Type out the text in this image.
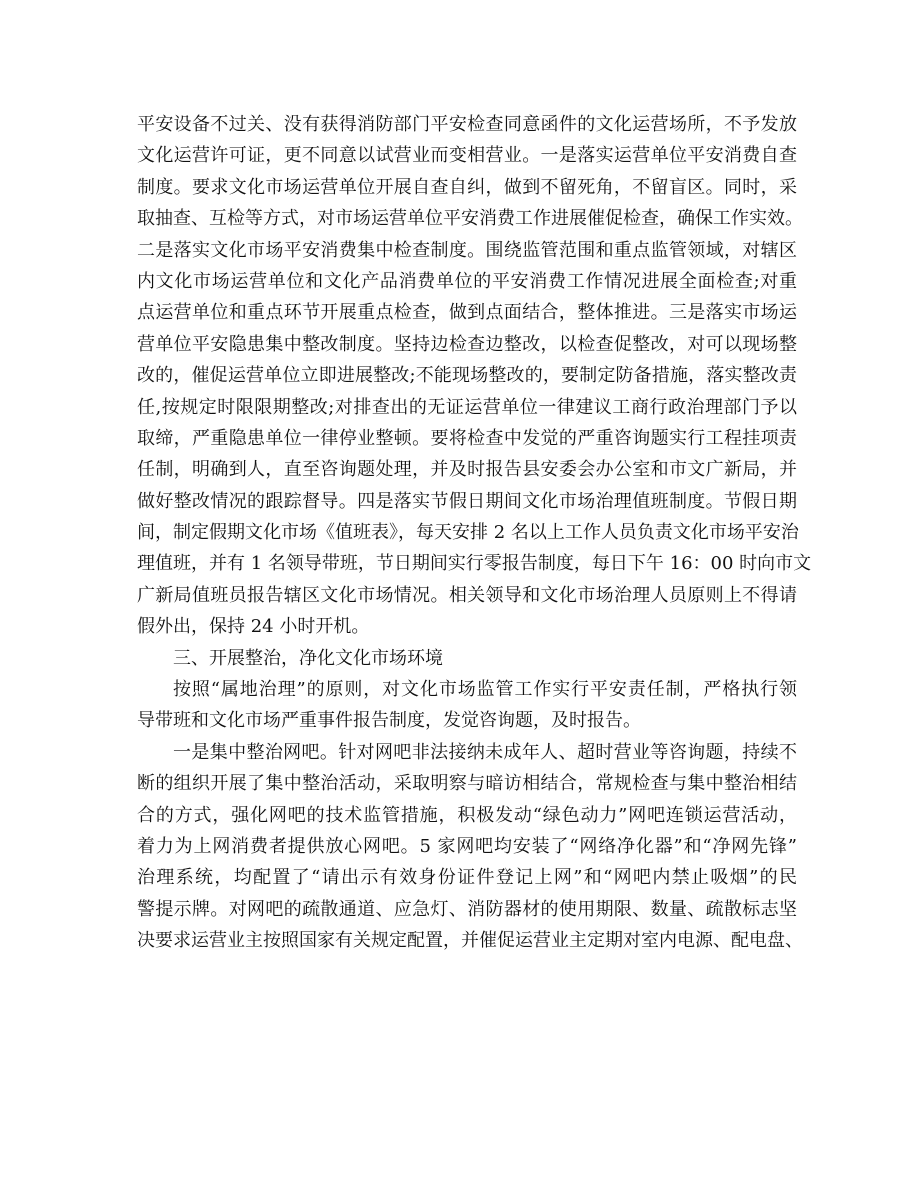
平安设备不过关、没有获得消防部门平安检查同意函件的文化运营场所，不予发放
文化运营许可证，更不同意以试营业而变相营业。一是落实运营单位平安消费自查
制度。要求文化市场运营单位开展自查自纠，做到不留死角，不留盲区。同时，采
取抽查、互检等方式，对市场运营单位平安消费工作进展催促检查，确保工作实效。
二是落实文化市场平安消费集中检查制度。围绕监管范围和重点监管领域，对辖区
内文化市场运营单位和文化产品消费单位的平安消费工作情况进展全面检查;对重
点运营单位和重点环节开展重点检查，做到点面结合，整体推进。三是落实市场运
营单位平安隐患集中整改制度。坚持边检查边整改，以检查促整改，对可以现场整
改的，催促运营单位立即进展整改;不能现场整改的，要制定防备措施，落实整改责
任,按规定时限限期整改;对排查出的无证运营单位一律建议工商行政治理部门予以
取缔，严重隐患单位一律停业整顿。要将检查中发觉的严重咨询题实行工程挂项责
任制，明确到人，直至咨询题处理，并及时报告县安委会办公室和市文广新局，并
做好整改情况的跟踪督导。四是落实节假日期间文化市场治理值班制度。节假日期
间，制定假期文化市场《值班表》，每天安排 2 名以上工作人员负责文化市场平安治
理值班，并有 1 名领导带班，节日期间实行零报告制度，每日下午 16：00 时向市文
广新局值班员报告辖区文化市场情况。相关领导和文化市场治理人员原则上不得请
假外出，保持 24 小时开机。
三、开展整治，净化文化市场环境
按照“属地治理”的原则，对文化市场监管工作实行平安责任制，严格执行领
导带班和文化市场严重事件报告制度，发觉咨询题，及时报告。
一是集中整治网吧。针对网吧非法接纳未成年人、超时营业等咨询题，持续不
断的组织开展了集中整治活动，采取明察与暗访相结合，常规检查与集中整治相结
合的方式，强化网吧的技术监管措施，积极发动“绿色动力”网吧连锁运营活动，
着力为上网消费者提供放心网吧。5 家网吧均安装了“网络净化器”和“净网先锋”
治理系统，均配置了“请出示有效身份证件登记上网”和“网吧内禁止吸烟”的民
警提示牌。对网吧的疏散通道、应急灯、消防器材的使用期限、数量、疏散标志坚
决要求运营业主按照国家有关规定配置，并催促运营业主定期对室内电源、配电盘、
